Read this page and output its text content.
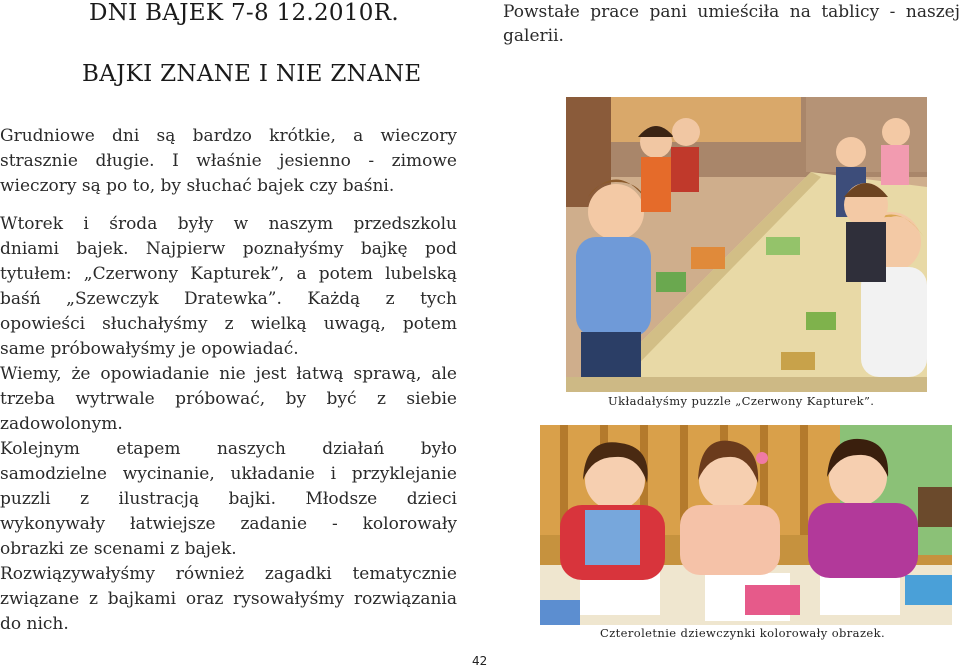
DNI BAJEK 7-8 12.2010R.
BAJKI ZNANE I NIE ZNANE
Grudniowe dni są bardzo krótkie, a wieczory
strasznie długie. I właśnie jesienno - zimowe
wieczory są po to, by słuchać bajek czy baśni.
Wtorek i środa były w naszym przedszkolu
dniami bajek. Najpierw poznałyśmy bajkę pod
tytułem: „Czerwony Kapturek”, a potem lubelską
baśń „Szewczyk Dratewka”. Każdą z tych
opowieści słuchałyśmy z wielką uwagą, potem
same próbowałyśmy je opowiadać.
Wiemy, że opowiadanie nie jest łatwą sprawą, ale
trzeba wytrwale próbować, by być z siebie
zadowolonym.
Kolejnym etapem naszych działań było
samodzielne wycinanie, układanie i przyklejanie
puzzli z ilustracją bajki. Młodsze dzieci
wykonywały łatwiejsze zadanie - kolorowały
obrazki ze scenami z bajek.
Rozwiązywałyśmy również zagadki tematycznie
związane z bajkami oraz rysowałyśmy rozwiązania
do nich.
Powstałe prace pani umieściła na tablicy - naszej
galerii.
Układałyśmy puzzle „Czerwony Kapturek”.
Czteroletnie dziewczynki kolorowały obrazek.
42
